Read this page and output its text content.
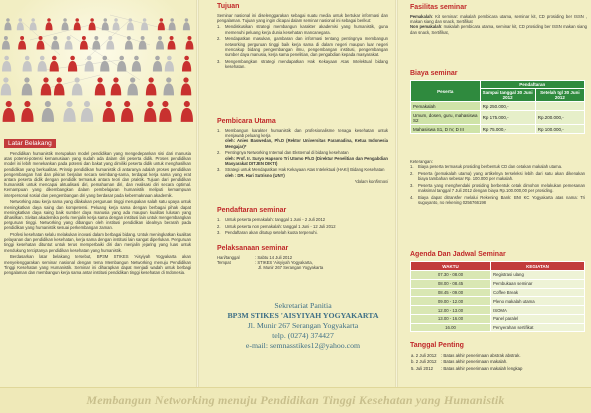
Latar Belakang

Pendidikan humanistik merupakan model pendidikan yang mengedepankan sisi dari manusia atas potensi-potensi kemanusiaan yang sudah ada dalam diri peserta didik. Proses pendidikan model ini lebih menekankan pada potensi dan bakat yang dimiliki peserta didik untuk menghasilkan pendidikan yang berkualitas. Prinsip pendidikan humanistik di antaranya adalah proses pendidikan pengembangan hati dan pikiran berjalan secara seimbang-sama, terdapat kerja sama yang erat antara peserta didik dengan pendidik termasuk antara teori dan praktik. Tujuan dari pendidikan humanistik untuk mencapai aktualisasi diri, pemahaman diri, dan realisasi diri secara optimal. Kemampuan yang dikembangkan dalam pembelajaran humanistik meliputi kemampuan interpersonal sosial dan pengembangan diri yang berdasar pada kebermaknaan akademik.

Networking atau kerja sama yang dilakukan perguruan tinggi merupakan salah satu upaya untuk meningkatkan daya saing dan kompetensi. Peluang kerja sama dengan berbagai pihak dapat meningkatkan daya saing baik sumber daya manusia yang ada maupun kualitas lulusan yang dihasilkan. Sivitas akademika perlu menjalin kerja sama dengan institusi lain untuk mengembangkan perguruan tinggi. Networking yang dibangun oleh institusi pendidikan idealnya berarah pada pendidikan yang humanistik sesuai perkembangan zaman.

Profesi kesehatan selalu melakukan inovasi dalam berbagai bidang. Untuk meningkatkan kualitas pelayanan dan pendidikan kesehatan, kerja sama dengan institusi lain sangat diperlukan. Perguruan tinggi kesehatan dituntut untuk terus memperbaiki diri dan menjalin jejaring yang luas untuk mendukung terciptanya pendidikan kesehatan yang humanistik.

Berdasarkan latar belakang tersebut, BP3M STIKES 'Aisyiyah Yogyakarta akan menyelenggarakan seminar nasional dengan tema Membangun Networking menuju Pendidikan Tinggi Kesehatan yang Humanistik. Seminar ini diharapkan dapat menjadi wadah untuk berbagi pengalaman dan membangun kerja sama antar institusi pendidikan tinggi kesehatan di Indonesia.

Tujuan
Seminar nasional ini diselenggarakan sebagai suatu media untuk bertukar informasi dan pengalaman. Tujuan yang ingin dicapai dalam seminar nasional ini sebagai berikut:
1.	Mendiskusikan strategi membangun karakter akademisi yang humanistik, guna memenuhi peluang kerja dunia kesehatan mancanegara.
2.	Mendapatkan masukan, gambaran dan informasi tentang pentingnya membangun networking perguruan tinggi baik kerja sama di dalam negeri maupun luar negeri mencakup bidang pengembangan ilmu, pengembangan institusi, pengembangan sumber daya manusia, kerja sama penelitian, dan pengabdian kepada masyarakat.
3.	Mengembangkan strategi mendapatkan Hak Kekayaan Atas Intelektual bidang kesehatan.
Pembicara Utama
1.	Membangun karakter humanistik dan profesionalisme tenaga kesehatan untuk menjawab peluang kerja
oleh: Anies Baswedan, Ph.D (Rektor Universitas Paramadina, Ketua Indonesia Mengajar)*
2.	Pentingnya Networking Internal dan Eksternal di bidang kesehatan
oleh: Prof. Ir. Suryo Hapsoro Tri Utomo Ph.D (Direktur Penelitian dan Pengabdian Masyarakat DITJEN DIKTI)
3.	Strategi untuk Mendapatkan Hak Kekayaan Atas Intelektual (HAKI) Bidang Kesehatan
oleh : DR. Hari Sutrisno (UNY)
*dalam konfirmasi
Pendaftaran seminar
1.	Untuk peserta pemakalah: tanggal 1 Juni - 2 Juli 2012
2.	Untuk peserta non pemakalah: tanggal 1 Juni - 12 Juli 2012
3.	Pendaftaran akan ditutup setelah kuota terpenuhi.
Pelaksanaan seminar
Hari/tanggal	: Sabtu 14 Juli 2012
Tempat	: STIKES 'Aisyiyah Yogyakarta,
	Jl. Munir 267 Serangan Yogyakarta
Sekretariat Panitia
BP3M STIKES 'AISYIYAH YOGYAKARTA
Jl. Munir 267 Serangan Yogyakarta
telp. (0274) 374427
e-mail: semnasstikes12@yahoo.com
Fasilitas seminar
Pemakalah: Kit seminar: makalah pembicara utama, seminar kit, CD prosiding ber ISSN , makan siang dan snack, Sertifikat
Non pemakalah: makalah pembicara utama, seminar kit, CD prosiding ber ISSN makan siang dan snack, Sertifikat,
Biaya seminar
Peserta	Pendaftaran	
	Sampai tanggal 30 Juni 2012	Setelah tgl 30 Juni 2012
Pemakalah	Rp 250.000,-	
Umum, dosen, guru, mahasiswa S2	Rp 175.000,-	Rp.200.000,-
Mahasiswa S1, D IV, D III	Rp 75.000,-	Rp 100.000,-
Keterangan:
1.	Biaya peserta termasuk prosiding berbentuk CD dan cetakan makalah utama.
2.	Peserta (pemakalah utama) yang artikelnya terseleksi lebih dari satu akan dikenakan biaya tambahan sebesar Rp. 100.000 per makalah.
3.	Peserta yang menghendaki prosiding berbentuk cetak dimohon melakukan pemesanan maksimal tanggal 7 Juli 2012 dengan biaya Rp.100.000,00 per prosiding.
4.	Biaya dapat ditransfer melalui Rekening Bank: BNI KC Yogyakarta atas nama: Tri suguyanto, no rekening 0256766198
Agenda Dan Jadwal Seminar
WAKTU	KEGIATAN
07.30 - 08.00	Registrasi ulang
08.00 - 08.45	Pembukaan seminar
08.45 - 09.00	Coffee Break
09.00 - 12.00	Pleno makalah utama
12.00 - 13.00	ISOMA
13.00 - 16.00	Panel paralel
16.00	Penyerahan sertifikat
Tanggal Penting
a. 2 Juli 2012	: Batas akhir penerimaan abstrak abstrak.
b. 2 Juli 2012	: Batas akhir penerimaan makalah.
5. Juli 2012	: Batas akhir penerimaan makalah lengkap
Membangun Networking menuju Pendidikan Tinggi Kesehatan yang Humanistik
